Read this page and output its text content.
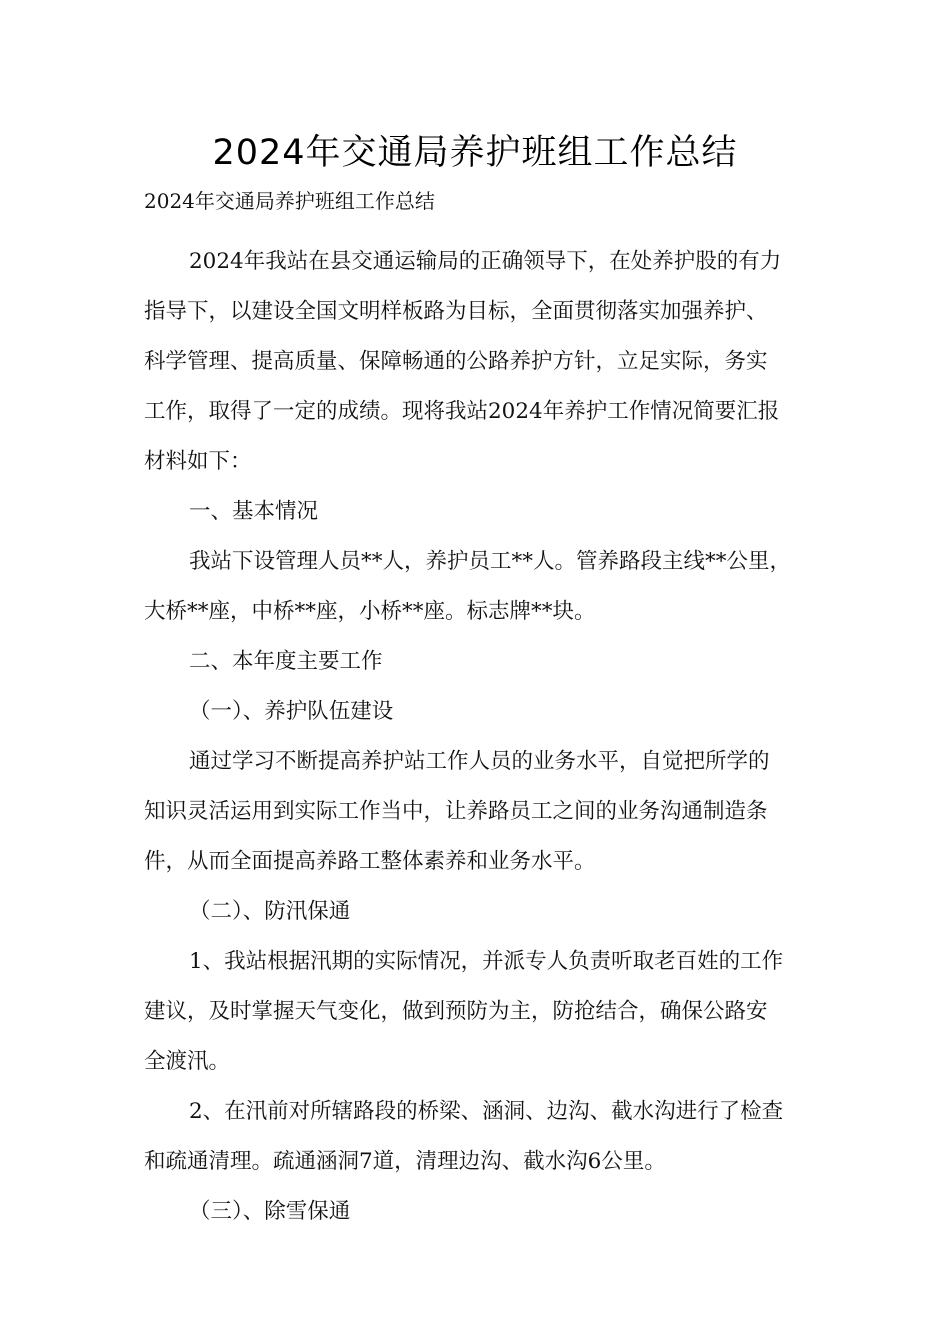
2024年交通局养护班组工作总结

2024年交通局养护班组工作总结

2024年我站在县交通运输局的正确领导下，在处养护股的有力

指导下，以建设全国文明样板路为目标，全面贯彻落实加强养护、

科学管理、提高质量、保障畅通的公路养护方针，立足实际，务实

工作，取得了一定的成绩。现将我站2024年养护工作情况简要汇报

材料如下：

一、基本情况

我站下设管理人员**人，养护员工**人。管养路段主线**公里，

大桥**座，中桥**座，小桥**座。标志牌**块。

二、本年度主要工作

（一）、养护队伍建设

通过学习不断提高养护站工作人员的业务水平，自觉把所学的

知识灵活运用到实际工作当中，让养路员工之间的业务沟通制造条

件，从而全面提高养路工整体素养和业务水平。

（二）、防汛保通

1、我站根据汛期的实际情况，并派专人负责听取老百姓的工作

建议，及时掌握天气变化，做到预防为主，防抢结合，确保公路安

全渡汛。

2、在汛前对所辖路段的桥梁、涵洞、边沟、截水沟进行了检查

和疏通清理。疏通涵洞7道，清理边沟、截水沟6公里。

（三）、除雪保通
